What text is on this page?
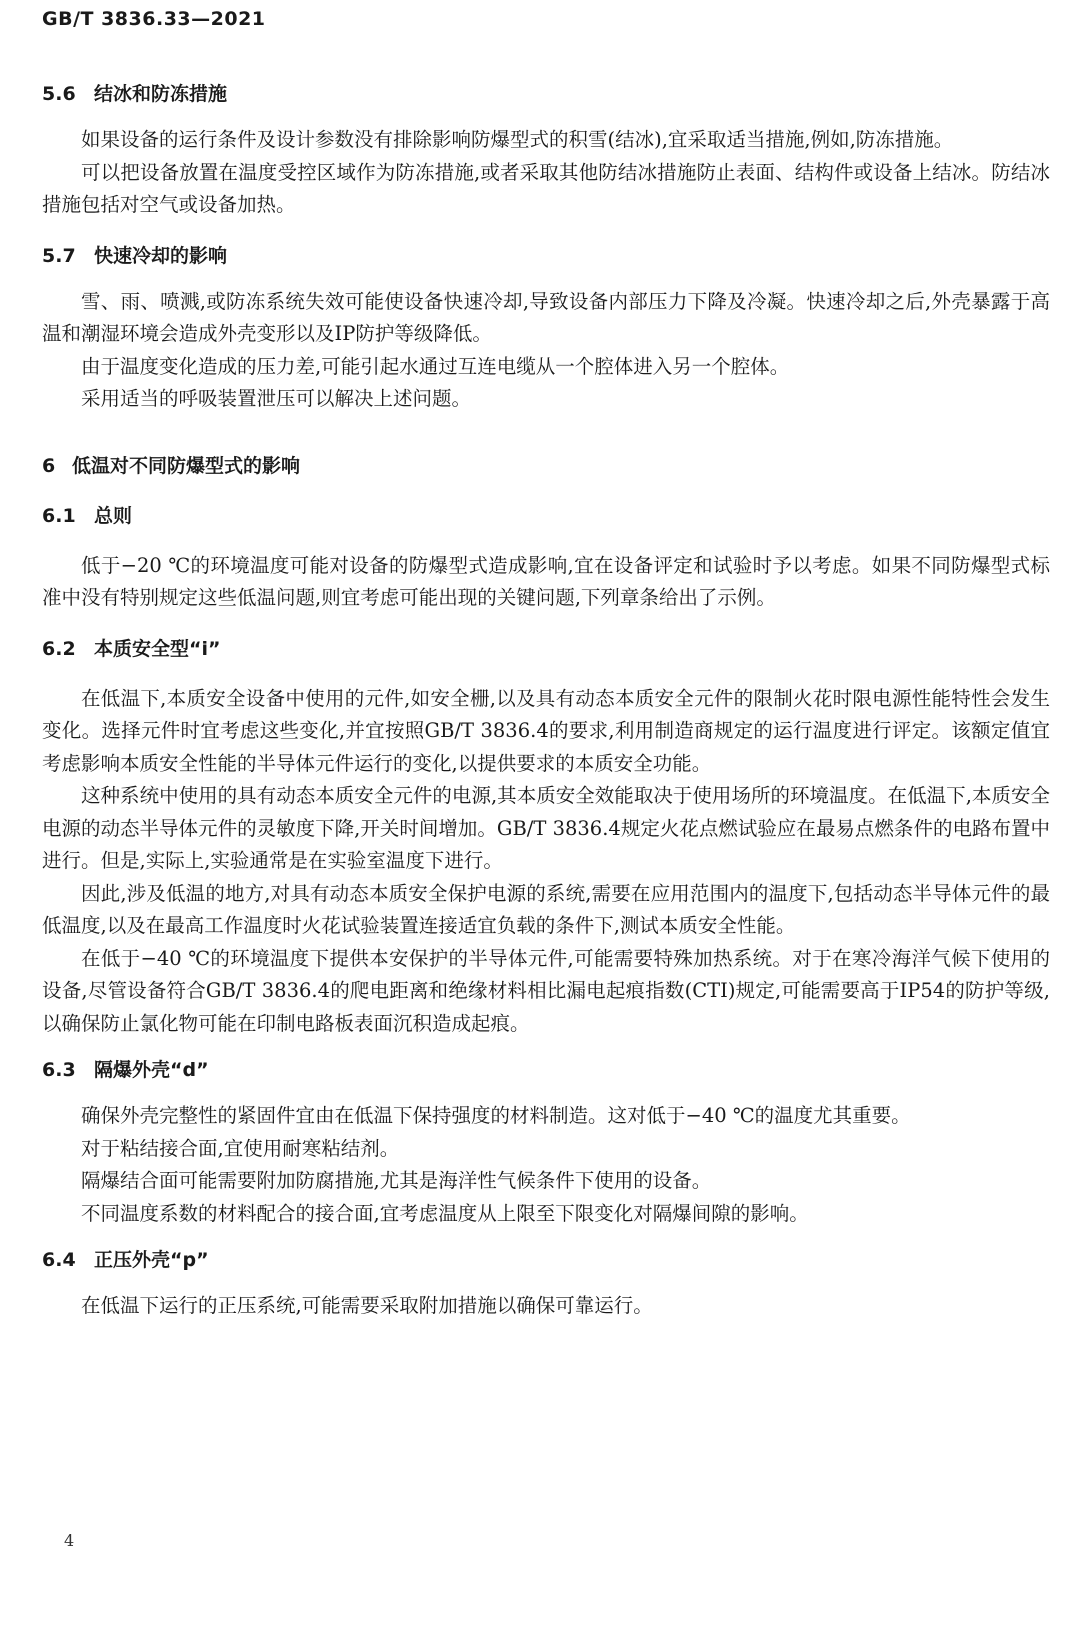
GB/T 3836.33—2021
5.6 结冰和防冻措施

如果设备的运行条件及设计参数没有排除影响防爆型式的积雪(结冰),宜采取适当措施,例如,防冻措施。

可以把设备放置在温度受控区域作为防冻措施,或者采取其他防结冰措施防止表面、结构件或设备上结冰。防结冰措施包括对空气或设备加热。

5.7 快速冷却的影响

雪、雨、喷溅,或防冻系统失效可能使设备快速冷却,导致设备内部压力下降及冷凝。快速冷却之后,外壳暴露于高温和潮湿环境会造成外壳变形以及IP防护等级降低。

由于温度变化造成的压力差,可能引起水通过互连电缆从一个腔体进入另一个腔体。

采用适当的呼吸装置泄压可以解决上述问题。

6 低温对不同防爆型式的影响
6.1 总则

低于−20 ℃的环境温度可能对设备的防爆型式造成影响,宜在设备评定和试验时予以考虑。如果不同防爆型式标准中没有特别规定这些低温问题,则宜考虑可能出现的关键问题,下列章条给出了示例。

6.2 本质安全型“i”

在低温下,本质安全设备中使用的元件,如安全栅,以及具有动态本质安全元件的限制火花时限电源性能特性会发生变化。选择元件时宜考虑这些变化,并宜按照GB/T 3836.4的要求,利用制造商规定的运行温度进行评定。该额定值宜考虑影响本质安全性能的半导体元件运行的变化,以提供要求的本质安全功能。

这种系统中使用的具有动态本质安全元件的电源,其本质安全效能取决于使用场所的环境温度。在低温下,本质安全电源的动态半导体元件的灵敏度下降,开关时间增加。GB/T 3836.4规定火花点燃试验应在最易点燃条件的电路布置中进行。但是,实际上,实验通常是在实验室温度下进行。

因此,涉及低温的地方,对具有动态本质安全保护电源的系统,需要在应用范围内的温度下,包括动态半导体元件的最低温度,以及在最高工作温度时火花试验装置连接适宜负载的条件下,测试本质安全性能。

在低于−40 ℃的环境温度下提供本安保护的半导体元件,可能需要特殊加热系统。对于在寒冷海洋气候下使用的设备,尽管设备符合GB/T 3836.4的爬电距离和绝缘材料相比漏电起痕指数(CTI)规定,可能需要高于IP54的防护等级,以确保防止氯化物可能在印制电路板表面沉积造成起痕。

6.3 隔爆外壳“d”

确保外壳完整性的紧固件宜由在低温下保持强度的材料制造。这对低于−40 ℃的温度尤其重要。

对于粘结接合面,宜使用耐寒粘结剂。

隔爆结合面可能需要附加防腐措施,尤其是海洋性气候条件下使用的设备。

不同温度系数的材料配合的接合面,宜考虑温度从上限至下限变化对隔爆间隙的影响。

6.4 正压外壳“p”

在低温下运行的正压系统,可能需要采取附加措施以确保可靠运行。

4
